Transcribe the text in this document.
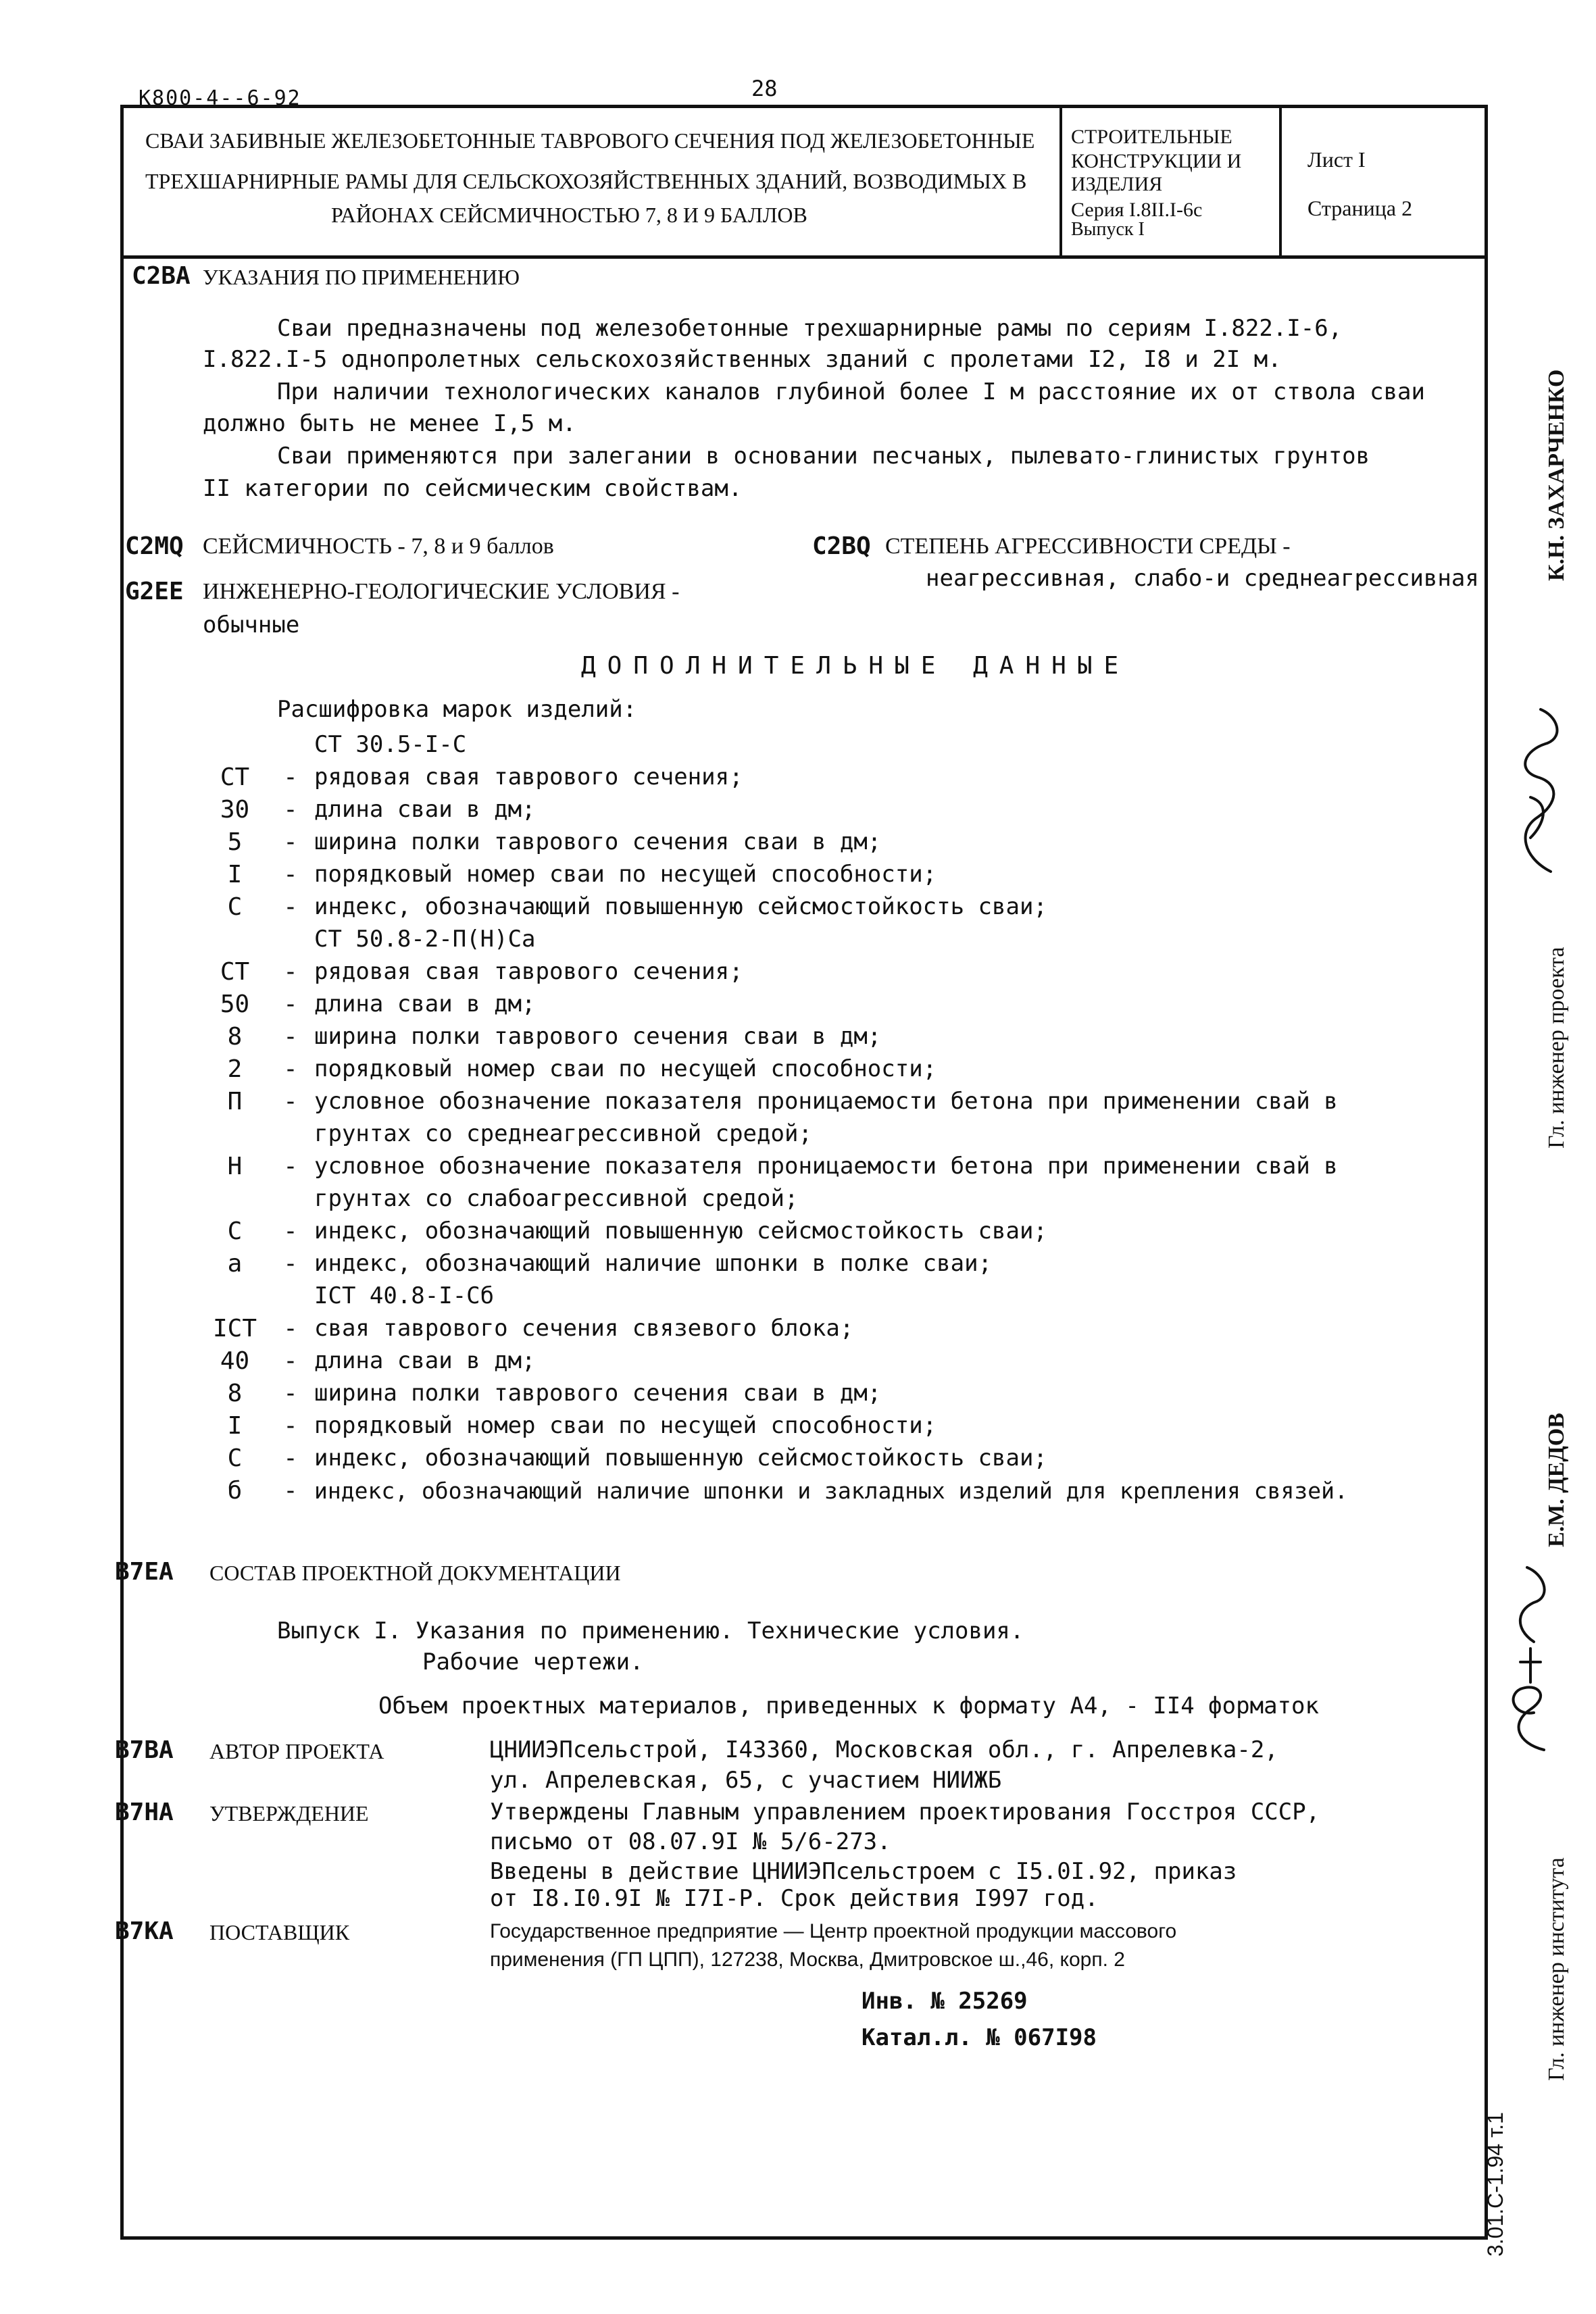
К800-4--6-92	28
СВАИ ЗАБИВНЫЕ ЖЕЛЕЗОБЕТОННЫЕ ТАВРОВОГО СЕЧЕНИЯ ПОД ЖЕЛЕЗОБЕТОННЫЕ
ТРЕХШАРНИРНЫЕ РАМЫ ДЛЯ СЕЛЬСКОХОЗЯЙСТВЕННЫХ ЗДАНИЙ, ВОЗВОДИМЫХ В
РАЙОНАХ СЕЙСМИЧНОСТЬЮ 7, 8 И 9 БАЛЛОВ
СТРОИТЕЛЬНЫЕ
КОНСТРУКЦИИ И
ИЗДЕЛИЯ
Серия I.8II.I-6с
Выпуск I
Лист I
Страница 2
C2BA УКАЗАНИЯ ПО ПРИМЕНЕНИЮ
Сваи предназначены под железобетонные трехшарнирные рамы по сериям I.822.I-6,
I.822.I-5 однопролетных сельскохозяйственных зданий с пролетами I2, I8 и 2I м.
При наличии технологических каналов глубиной более I м расстояние их от ствола сваи
должно быть не менее I,5 м.
Сваи применяются при залегании в основании песчаных, пылевато-глинистых грунтов
II категории по сейсмическим свойствам.
C2MQ СЕЙСМИЧНОСТЬ - 7, 8 и 9 баллов	C2BQ СТЕПЕНЬ АГРЕССИВНОСТИ СРЕДЫ -
неагрессивная, слабо-и среднеагрессивная
G2EE ИНЖЕНЕРНО-ГЕОЛОГИЧЕСКИЕ УСЛОВИЯ -
обычные
ДОПОЛНИТЕЛЬНЫЕ ДАННЫЕ
Расшифровка марок изделий:
СТ 30.5-I-С
СТ	- рядовая свая таврового сечения;
30	- длина сваи в дм;
5	- ширина полки таврового сечения сваи в дм;
I	- порядковый номер сваи по несущей способности;
С	- индекс, обозначающий повышенную сейсмостойкость сваи;
СТ 50.8-2-П(Н)Са
СТ	- рядовая свая таврового сечения;
50	- длина сваи в дм;
8	- ширина полки таврового сечения сваи в дм;
2	- порядковый номер сваи по несущей способности;
П	- условное обозначение показателя проницаемости бетона при применении свай в
грунтах со среднеагрессивной средой;
Н	- условное обозначение показателя проницаемости бетона при применении свай в
грунтах со слабоагрессивной средой;
С	- индекс, обозначающий повышенную сейсмостойкость сваи;
а	- индекс, обозначающий наличие шпонки в полке сваи;
IСТ 40.8-I-Сб
IСТ	- свая таврового сечения связевого блока;
40	- длина сваи в дм;
8	- ширина полки таврового сечения сваи в дм;
I	- порядковый номер сваи по несущей способности;
С	- индекс, обозначающий повышенную сейсмостойкость сваи;
б	- индекс, обозначающий наличие шпонки и закладных изделий для крепления связей.
B7EA СОСТАВ ПРОЕКТНОЙ ДОКУМЕНТАЦИИ
Выпуск I. Указания по применению. Технические условия.
Рабочие чертежи.
Объем проектных материалов, приведенных к формату А4, - II4 форматок
B7BA АВТОР ПРОЕКТА	ЦНИИЭПсельстрой, I43360, Московская обл., г. Апрелевка-2,
ул. Апрелевская, 65, с участием НИИЖБ
B7HA УТВЕРЖДЕНИЕ	Утверждены Главным управлением проектирования Госстроя СССР,
письмо от 08.07.9I № 5/6-273.
Введены в действие ЦНИИЭПсельстроем с I5.0I.92, приказ
от I8.I0.9I № I7I-Р. Срок действия I997 год.
B7KA ПОСТАВЩИК	Государственное предприятие — Центр проектной продукции массового
применения (ГП ЦПП), 127238, Москва, Дмитровское ш.,46, корп. 2
Инв. № 25269
Катал.л. № 067I98
К.Н. ЗАХАРЧЕНКО
Гл. инженер проекта
Е.М. ДЕДОВ
Гл. инженер института
3.01.С-1.94 т.1
